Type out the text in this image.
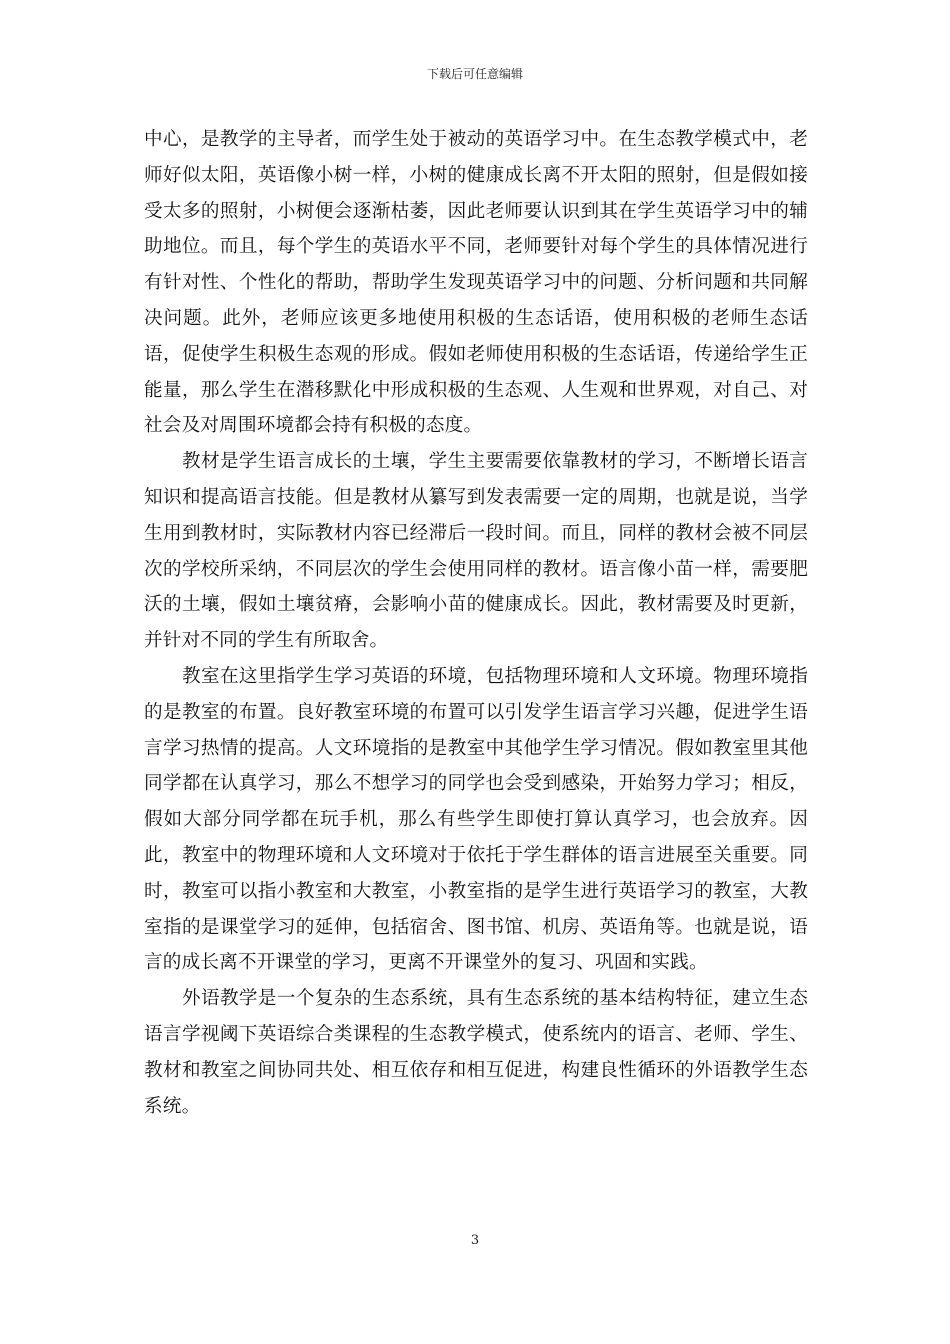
下载后可任意编辑

中心，是教学的主导者，而学生处于被动的英语学习中。在生态教学模式中，老师好似太阳，英语像小树一样，小树的健康成长离不开太阳的照射，但是假如接受太多的照射，小树便会逐渐枯萎，因此老师要认识到其在学生英语学习中的辅助地位。而且，每个学生的英语水平不同，老师要针对每个学生的具体情况进行有针对性、个性化的帮助，帮助学生发现英语学习中的问题、分析问题和共同解决问题。此外，老师应该更多地使用积极的生态话语，使用积极的老师生态话语，促使学生积极生态观的形成。假如老师使用积极的生态话语，传递给学生正能量，那么学生在潜移默化中形成积极的生态观、人生观和世界观，对自己、对社会及对周围环境都会持有积极的态度。

教材是学生语言成长的土壤，学生主要需要依靠教材的学习，不断增长语言知识和提高语言技能。但是教材从纂写到发表需要一定的周期，也就是说，当学生用到教材时，实际教材内容已经滞后一段时间。而且，同样的教材会被不同层次的学校所采纳，不同层次的学生会使用同样的教材。语言像小苗一样，需要肥沃的土壤，假如土壤贫瘠，会影响小苗的健康成长。因此，教材需要及时更新，并针对不同的学生有所取舍。

教室在这里指学生学习英语的环境，包括物理环境和人文环境。物理环境指的是教室的布置。良好教室环境的布置可以引发学生语言学习兴趣，促进学生语言学习热情的提高。人文环境指的是教室中其他学生学习情况。假如教室里其他同学都在认真学习，那么不想学习的同学也会受到感染，开始努力学习；相反，假如大部分同学都在玩手机，那么有些学生即使打算认真学习，也会放弃。因此，教室中的物理环境和人文环境对于依托于学生群体的语言进展至关重要。同时，教室可以指小教室和大教室，小教室指的是学生进行英语学习的教室，大教室指的是课堂学习的延伸，包括宿舍、图书馆、机房、英语角等。也就是说，语言的成长离不开课堂的学习，更离不开课堂外的复习、巩固和实践。

外语教学是一个复杂的生态系统，具有生态系统的基本结构特征，建立生态语言学视阈下英语综合类课程的生态教学模式，使系统内的语言、老师、学生、教材和教室之间协同共处、相互依存和相互促进，构建良性循环的外语教学生态系统。

3
